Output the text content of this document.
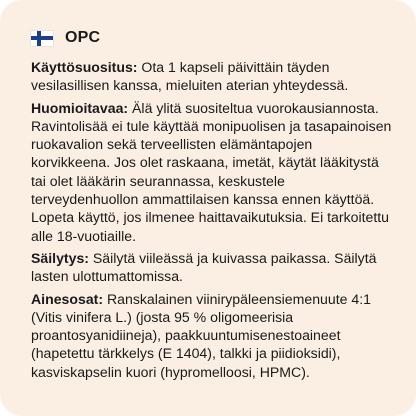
OPC
Käyttösuositus: Ota 1 kapseli päivittäin täyden vesilasillisen kanssa, mieluiten aterian yhteydessä.
Huomioitavaa: Älä ylitä suositeltua vuorokausiannosta. Ravintolisää ei tule käyttää monipuolisen ja tasapainoisen ruokavalion sekä terveellisten elämäntapojen korvikkeena. Jos olet raskaana, imetät, käytät lääkitystä tai olet lääkärin seurannassa, keskustele terveydenhuollon ammattilaisen kanssa ennen käyttöä. Lopeta käyttö, jos ilmenee haittavaikutuksia. Ei tarkoitettu alle 18-vuotiaille.
Säilytys: Säilytä viileässä ja kuivassa paikassa. Säilytä lasten ulottumattomissa.
Ainesosat: Ranskalainen viinirypäleensiemenuute 4:1 (Vitis vinifera L.) (josta 95 % oligomeerisia proantosyanidiineja), paakkuuntumisenestoaineet (hapetettu tärkkelys (E 1404), talkki ja piidioksidi), kasviskapselin kuori (hypromelloosi, HPMC).
